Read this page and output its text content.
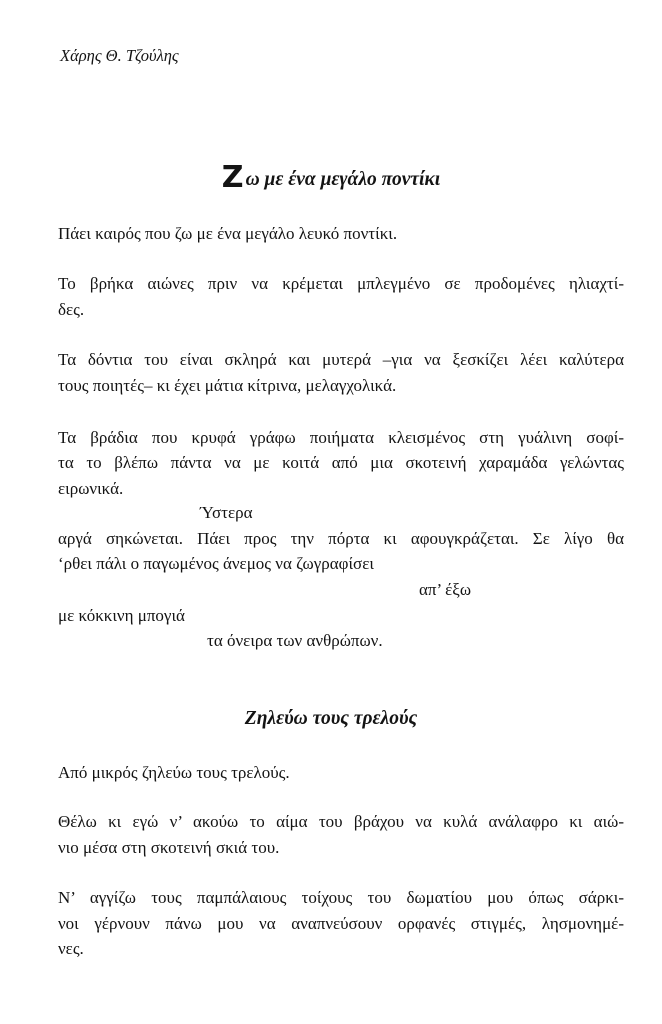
Χάρης Θ. Τζούλης
Ζω με ένα μεγάλο ποντίκι
Πάει καιρός που ζω με ένα μεγάλο λευκό ποντίκι.
Το βρήκα αιώνες πριν να κρέμεται μπλεγμένο σε προδομένες ηλιαχτί-
δες.
Τα δόντια του είναι σκληρά και μυτερά –για να ξεσκίζει λέει καλύτερα
τους ποιητές– κι έχει μάτια κίτρινα, μελαγχολικά.
Τα βράδια που κρυφά γράφω ποιήματα κλεισμένος στη γυάλινη σοφί-
τα το βλέπω πάντα να με κοιτά από μια σκοτεινή χαραμάδα γελώντας
ειρωνικά.
Ύστερα
αργά σηκώνεται. Πάει προς την πόρτα κι αφουγκράζεται. Σε λίγο θα
‘ρθει πάλι ο παγωμένος άνεμος να ζωγραφίσει
απ’ έξω
με κόκκινη μπογιά
τα όνειρα των ανθρώπων.
Ζηλεύω τους τρελούς
Από μικρός ζηλεύω τους τρελούς.
Θέλω κι εγώ ν’ ακούω το αίμα του βράχου να κυλά ανάλαφρο κι αιώ-
νιο μέσα στη σκοτεινή σκιά του.
Ν’ αγγίζω τους παμπάλαιους τοίχους του δωματίου μου όπως σάρκι-
νοι γέρνουν πάνω μου να αναπνεύσουν ορφανές στιγμές, λησμονημέ-
νες.
